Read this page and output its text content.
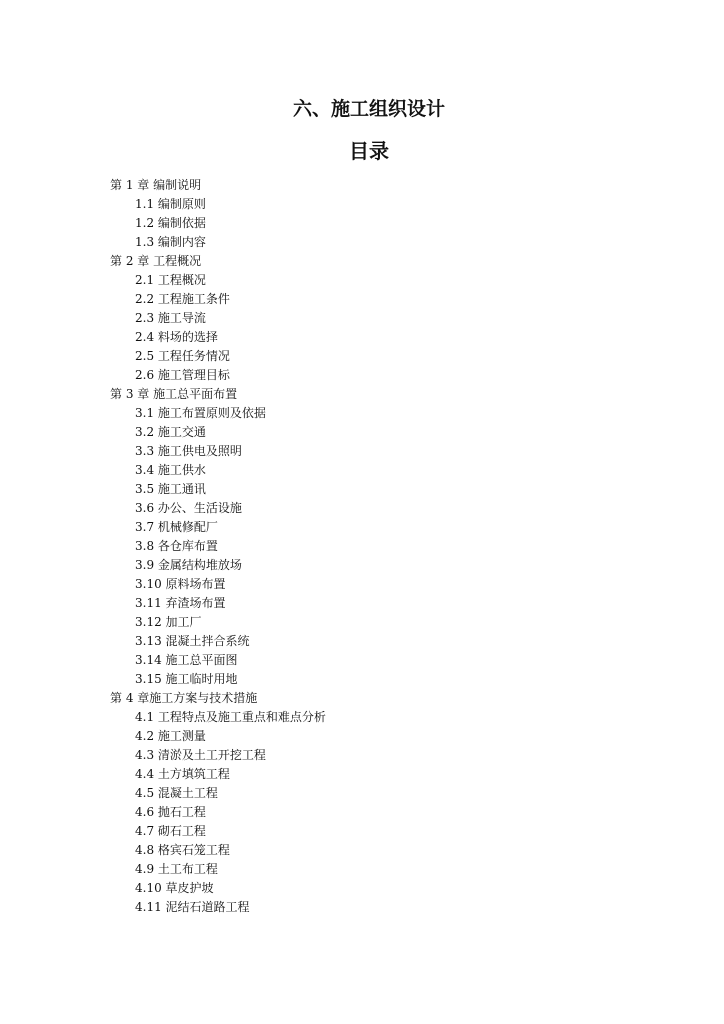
六、施工组织设计
目录
第 1 章 编制说明
1.1 编制原则
1.2 编制依据
1.3 编制内容
第 2 章 工程概况
2.1 工程概况
2.2 工程施工条件
2.3 施工导流
2.4 料场的选择
2.5 工程任务情况
2.6 施工管理目标
第 3 章 施工总平面布置
3.1 施工布置原则及依据
3.2 施工交通
3.3 施工供电及照明
3.4 施工供水
3.5 施工通讯
3.6 办公、生活设施
3.7 机械修配厂
3.8 各仓库布置
3.9 金属结构堆放场
3.10 原料场布置
3.11 弃渣场布置
3.12 加工厂
3.13 混凝土拌合系统
3.14 施工总平面图
3.15 施工临时用地
第 4 章施工方案与技术措施
4.1 工程特点及施工重点和难点分析
4.2 施工测量
4.3 清淤及土工开挖工程
4.4 土方填筑工程
4.5 混凝土工程
4.6 抛石工程
4.7 砌石工程
4.8 格宾石笼工程
4.9 土工布工程
4.10 草皮护坡
4.11 泥结石道路工程
